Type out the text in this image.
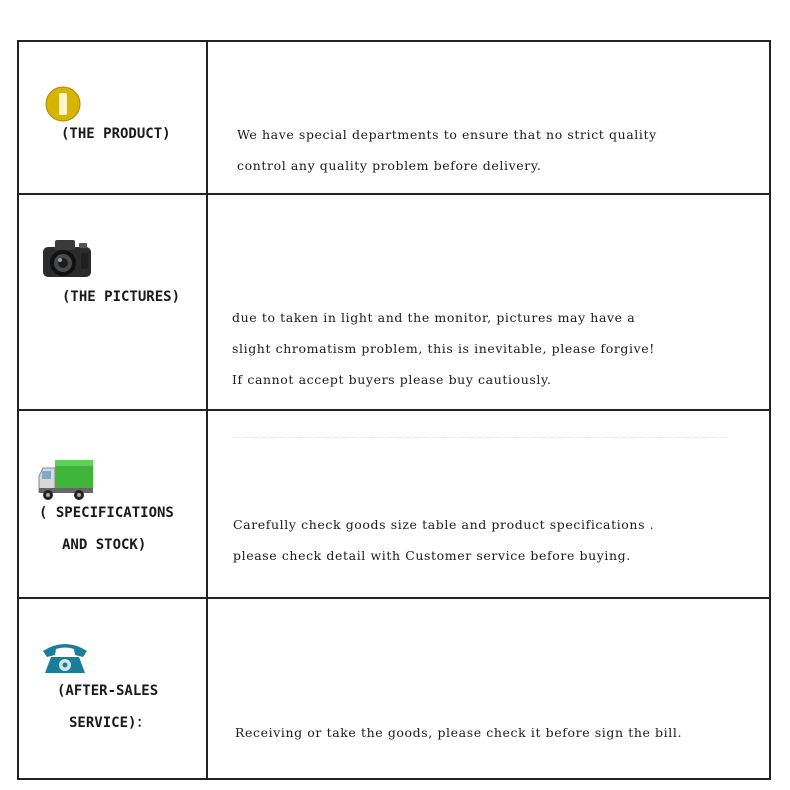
(THE PRODUCT)	We have special departments to ensure that no strict quality
control any quality problem before delivery.
(THE PICTURES)
due to taken in light and the monitor, pictures may have a
slight chromatism problem, this is inevitable, please forgive!
If cannot accept buyers please buy cautiously.
( SPECIFICATIONS
AND STOCK)
Carefully check goods size table and product specifications .
please check detail with Customer service before buying.
(AFTER-SALES
SERVICE)：
Receiving or take the goods, please check it before sign the bill.
